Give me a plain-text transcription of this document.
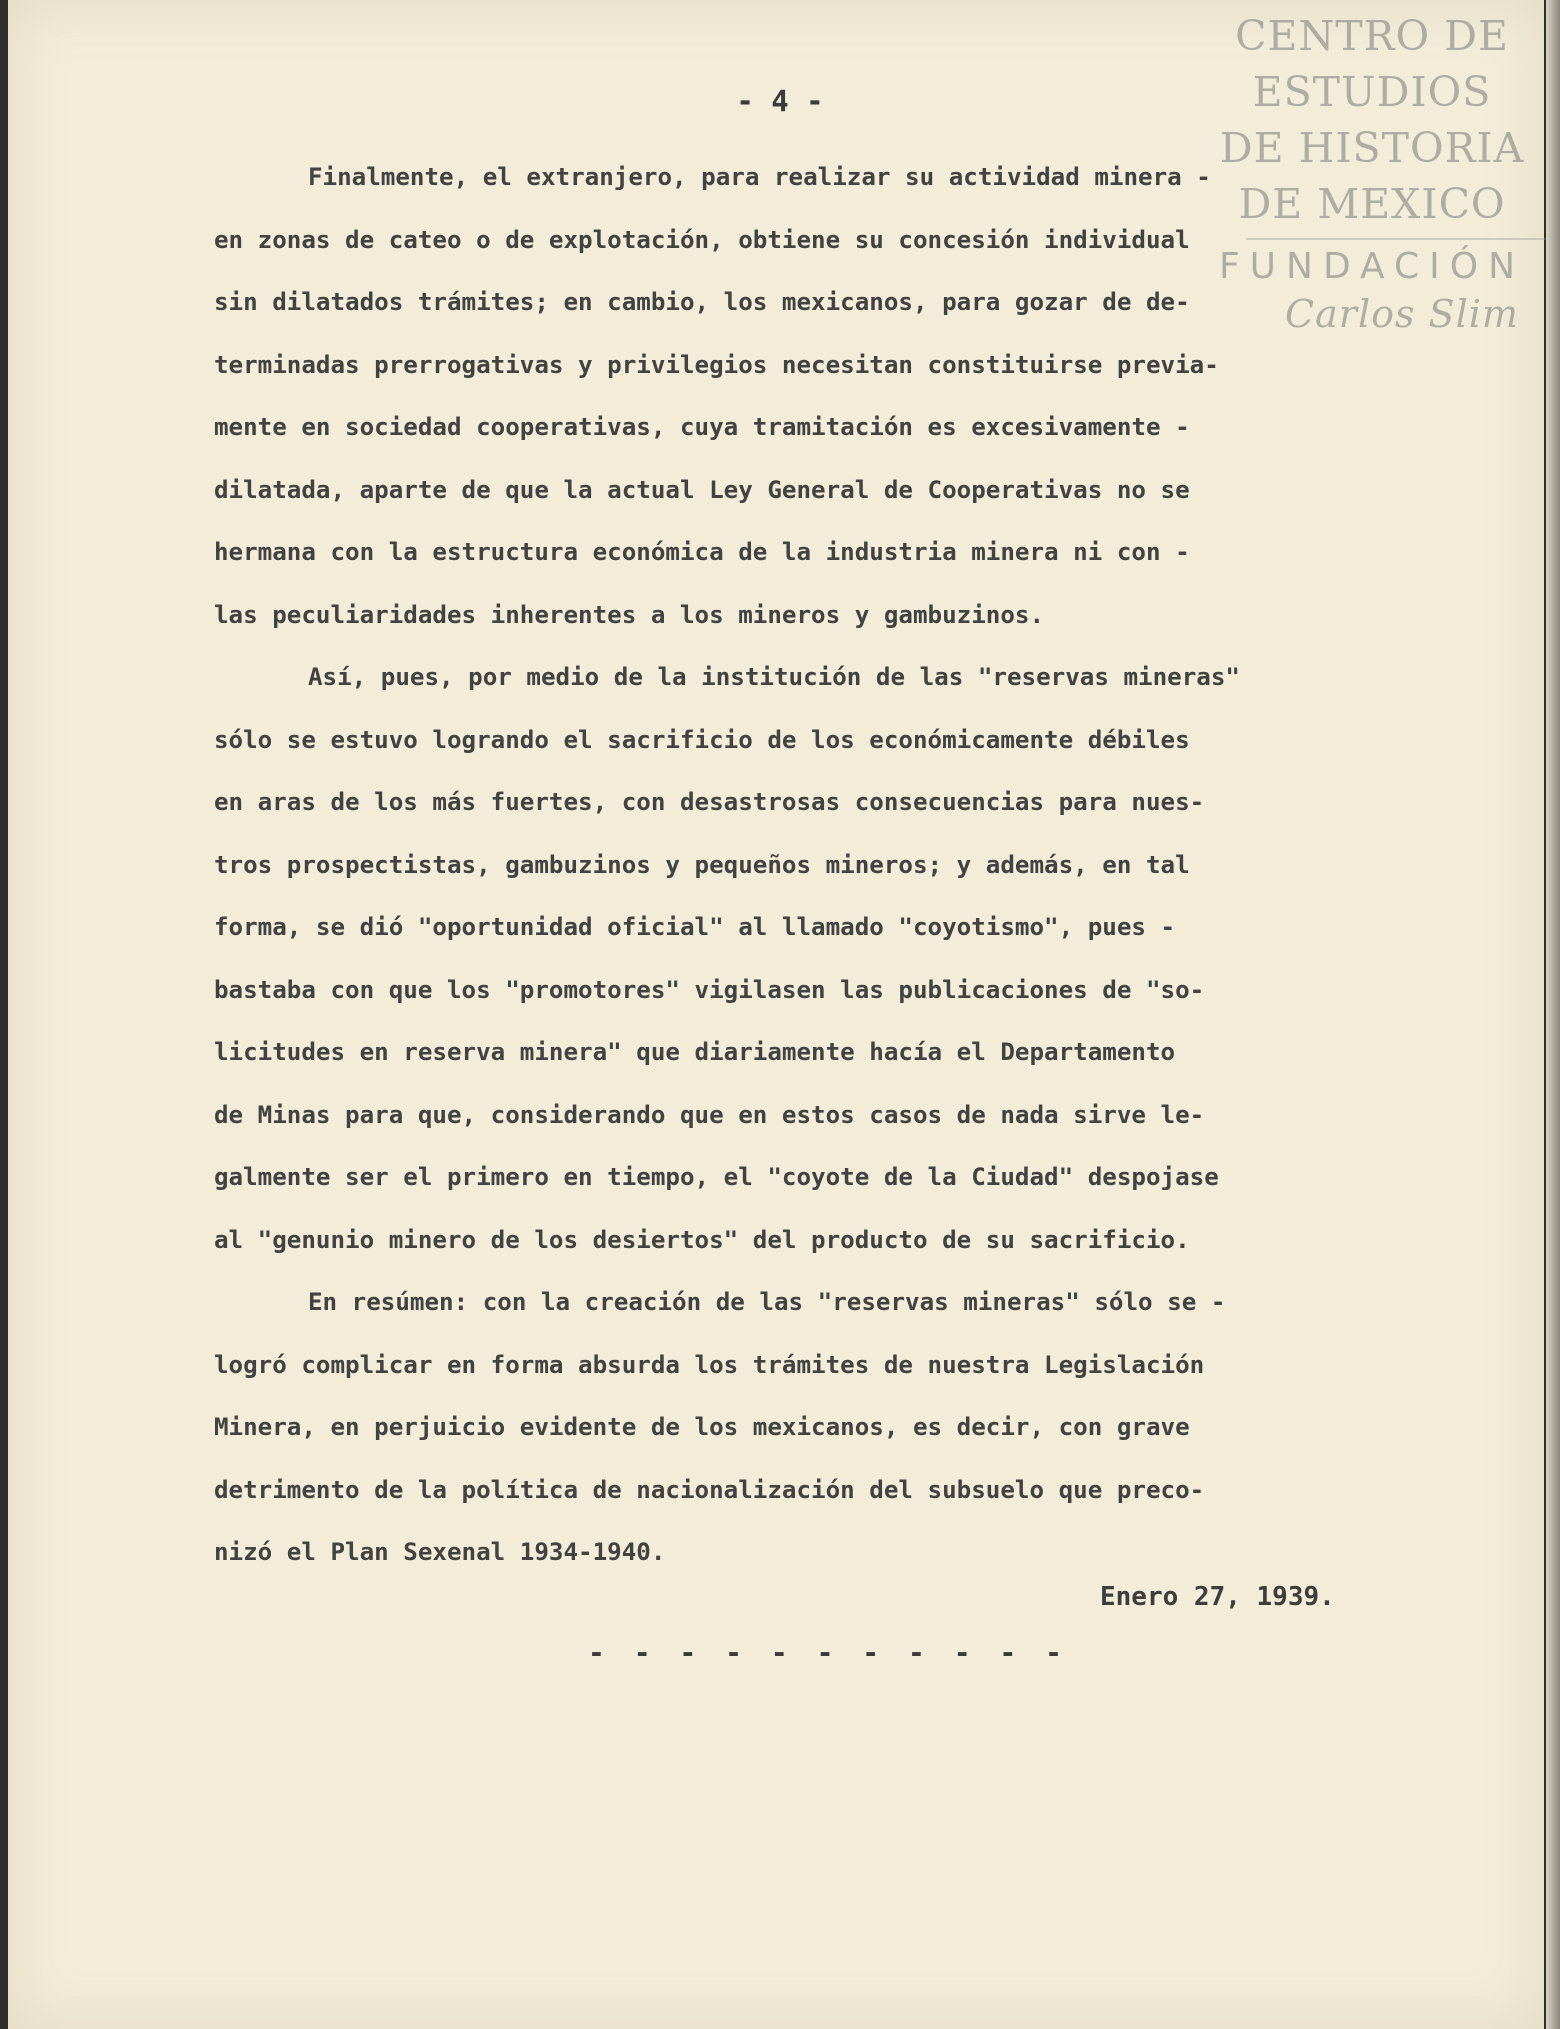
- 4 -
Finalmente, el extranjero, para realizar su actividad minera -
en zonas de cateo o de explotación, obtiene su concesión individual
sin dilatados trámites; en cambio, los mexicanos, para gozar de de-
terminadas prerrogativas y privilegios necesitan constituirse previa-
mente en sociedad cooperativas, cuya tramitación es excesivamente -
dilatada, aparte de que la actual Ley General de Cooperativas no se
hermana con la estructura económica de la industria minera ni con -
las peculiaridades inherentes a los mineros y gambuzinos.
Así, pues, por medio de la institución de las "reservas mineras"
sólo se estuvo logrando el sacrificio de los económicamente débiles
en aras de los más fuertes, con desastrosas consecuencias para nues-
tros prospectistas, gambuzinos y pequeños mineros; y además, en tal
forma, se dió "oportunidad oficial" al llamado "coyotismo", pues -
bastaba con que los "promotores" vigilasen las publicaciones de "so-
licitudes en reserva minera" que diariamente hacía el Departamento
de Minas para que, considerando que en estos casos de nada sirve le-
galmente ser el primero en tiempo, el "coyote de la Ciudad" despojase
al "genunio minero de los desiertos" del producto de su sacrificio.
En resúmen: con la creación de las "reservas mineras" sólo se -
logró complicar en forma absurda los trámites de nuestra Legislación
Minera, en perjuicio evidente de los mexicanos, es decir, con grave
detrimento de la política de nacionalización del subsuelo que preco-
nizó el Plan Sexenal 1934-1940.
Enero 27, 1939.
- - - - - - - - - - -
CENTRO DE
ESTUDIOS
DE HISTORIA
DE MEXICO
FUNDACIÓN
Carlos Slim
